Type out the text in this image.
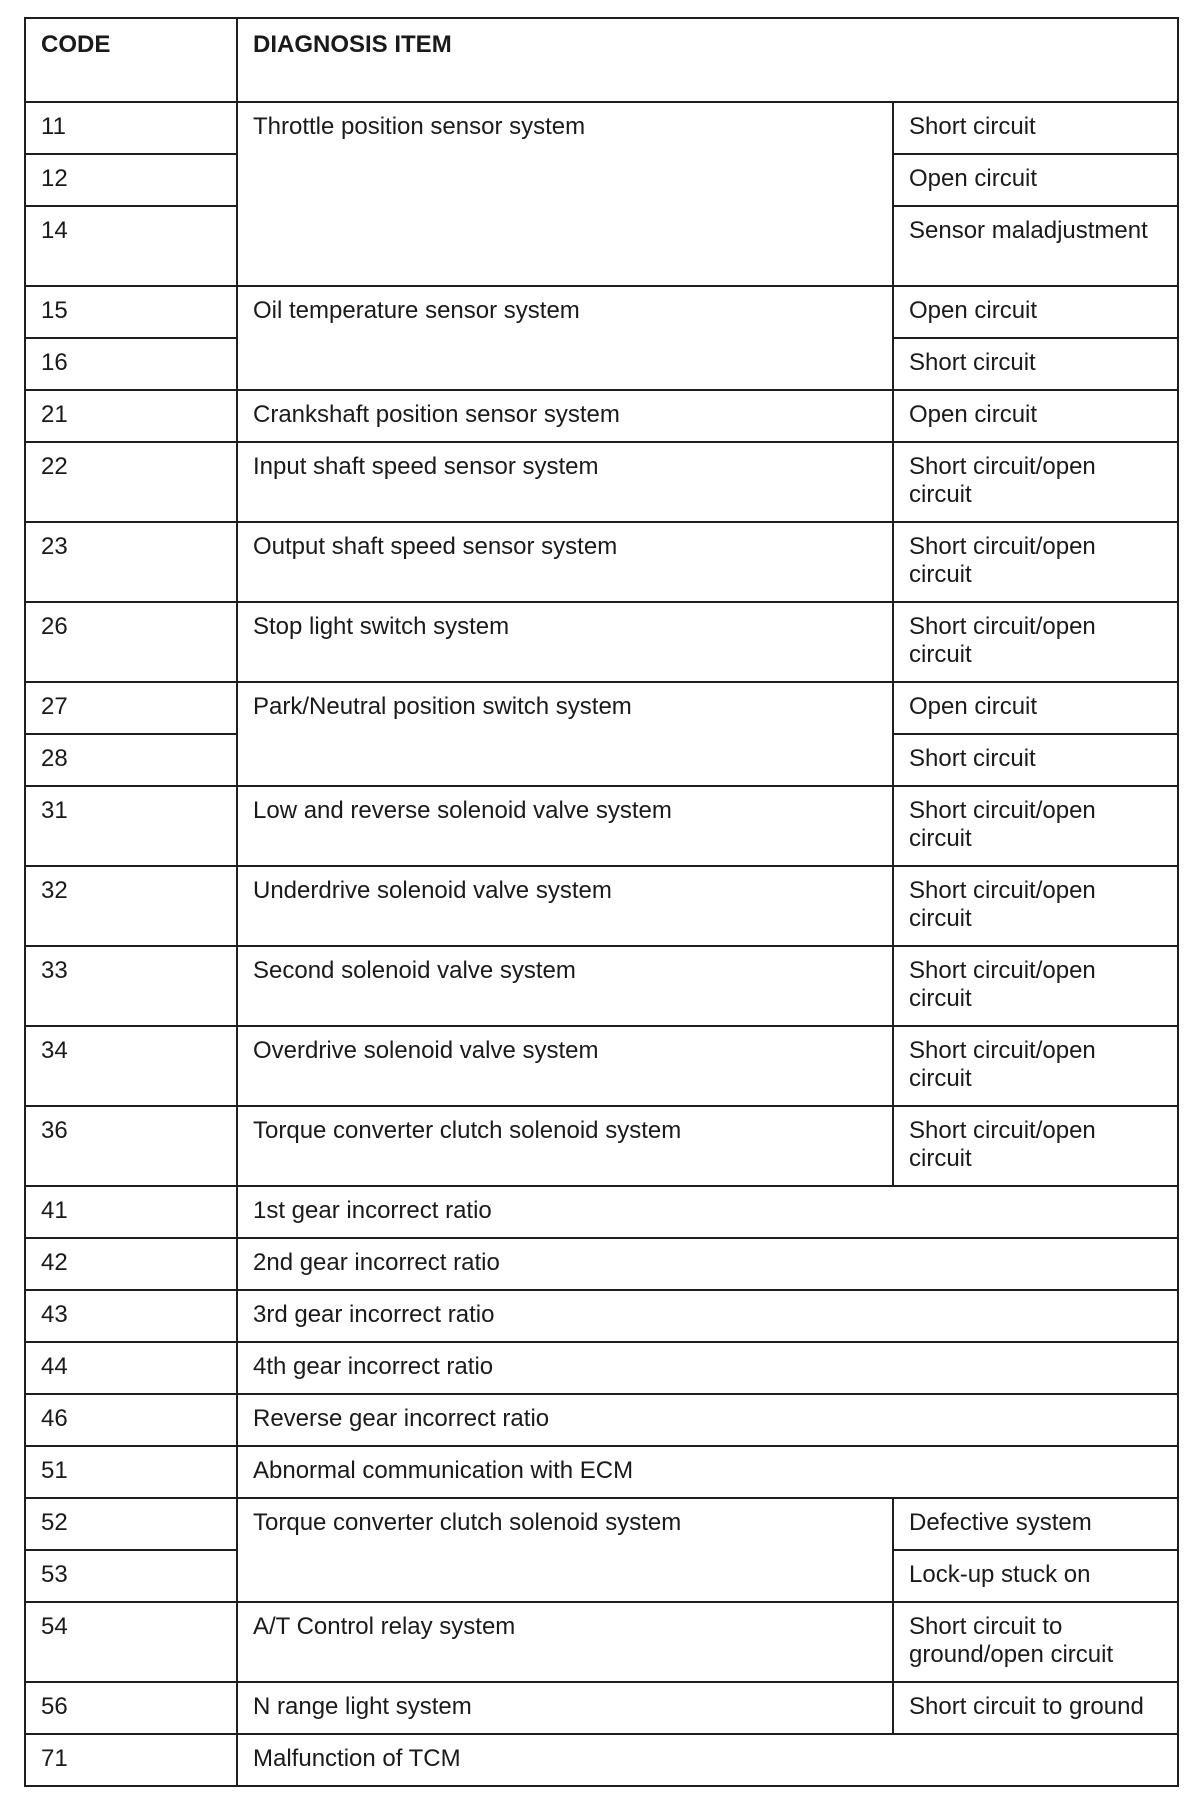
CODE	DIAGNOSIS ITEM	
11	Throttle position sensor system	Short circuit
12		Open circuit
14		Sensor maladjustment
15	Oil temperature sensor system	Open circuit
16		Short circuit
21	Crankshaft position sensor system	Open circuit
22	Input shaft speed sensor system	Short circuit/open circuit
23	Output shaft speed sensor system	Short circuit/open circuit
26	Stop light switch system	Short circuit/open circuit
27	Park/Neutral position switch system	Open circuit
28		Short circuit
31	Low and reverse solenoid valve system	Short circuit/open circuit
32	Underdrive solenoid valve system	Short circuit/open circuit
33	Second solenoid valve system	Short circuit/open circuit
34	Overdrive solenoid valve system	Short circuit/open circuit
36	Torque converter clutch solenoid system	Short circuit/open circuit
41	1st gear incorrect ratio	
42	2nd gear incorrect ratio	
43	3rd gear incorrect ratio	
44	4th gear incorrect ratio	
46	Reverse gear incorrect ratio	
51	Abnormal communication with ECM	
52	Torque converter clutch solenoid system	Defective system
53		Lock-up stuck on
54	A/T Control relay system	Short circuit to ground/open circuit
56	N range light system	Short circuit to ground
71	Malfunction of TCM	
